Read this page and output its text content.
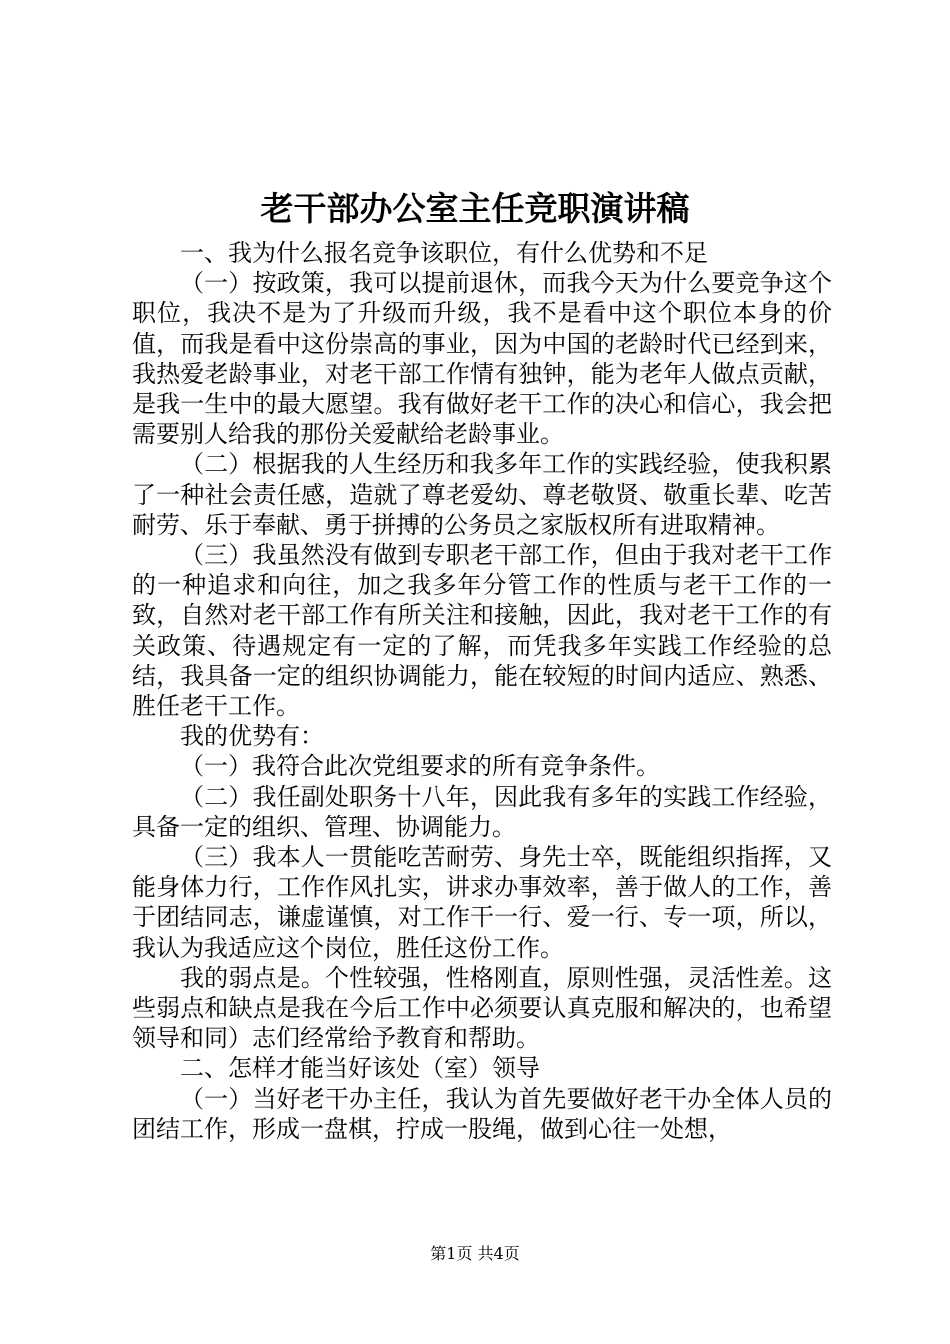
老干部办公室主任竞职演讲稿

一、我为什么报名竞争该职位，有什么优势和不足

（一）按政策，我可以提前退休，而我今天为什么要竞争这个职位，我决不是为了升级而升级，我不是看中这个职位本身的价值，而我是看中这份崇高的事业，因为中国的老龄时代已经到来，我热爱老龄事业，对老干部工作情有独钟，能为老年人做点贡献，是我一生中的最大愿望。我有做好老干工作的决心和信心，我会把需要别人给我的那份关爱献给老龄事业。

（二）根据我的人生经历和我多年工作的实践经验，使我积累了一种社会责任感，造就了尊老爱幼、尊老敬贤、敬重长辈、吃苦耐劳、乐于奉献、勇于拼搏的公务员之家版权所有进取精神。

（三）我虽然没有做到专职老干部工作，但由于我对老干工作的一种追求和向往，加之我多年分管工作的性质与老干工作的一致，自然对老干部工作有所关注和接触，因此，我对老干工作的有关政策、待遇规定有一定的了解，而凭我多年实践工作经验的总结，我具备一定的组织协调能力，能在较短的时间内适应、熟悉、胜任老干工作。

我的优势有：

（一）我符合此次党组要求的所有竞争条件。

（二）我任副处职务十八年，因此我有多年的实践工作经验，具备一定的组织、管理、协调能力。

（三）我本人一贯能吃苦耐劳、身先士卒，既能组织指挥，又能身体力行，工作作风扎实，讲求办事效率，善于做人的工作，善于团结同志，谦虚谨慎，对工作干一行、爱一行、专一项，所以，我认为我适应这个岗位，胜任这份工作。

我的弱点是。个性较强，性格刚直，原则性强，灵活性差。这些弱点和缺点是我在今后工作中必须要认真克服和解决的，也希望领导和同）志们经常给予教育和帮助。

二、怎样才能当好该处（室）领导

（一）当好老干办主任，我认为首先要做好老干办全体人员的团结工作，形成一盘棋，拧成一股绳，做到心往一处想，

第1页 共4页
